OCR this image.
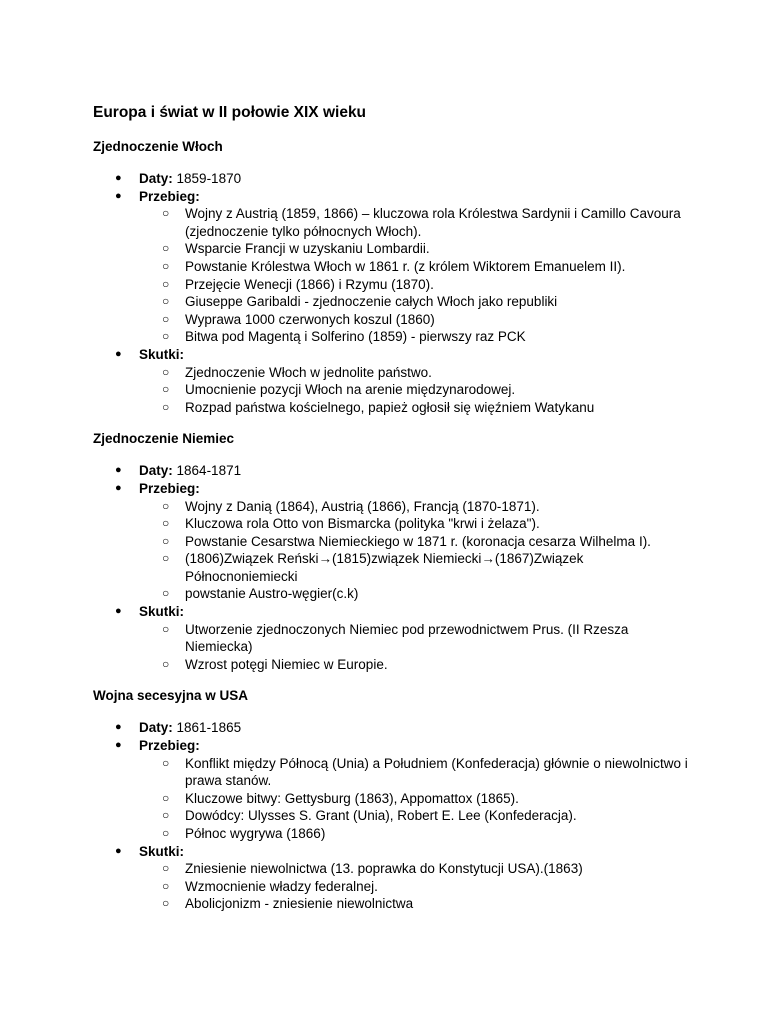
Europa i świat w II połowie XIX wieku
Zjednoczenie Włoch
● Daty: 1859-1870
● Przebieg:
○ Wojny z Austrią (1859, 1866) – kluczowa rola Królestwa Sardynii i Camillo Cavoura (zjednoczenie tylko północnych Włoch).
○ Wsparcie Francji w uzyskaniu Lombardii.
○ Powstanie Królestwa Włoch w 1861 r. (z królem Wiktorem Emanuelem II).
○ Przejęcie Wenecji (1866) i Rzymu (1870).
○ Giuseppe Garibaldi - zjednoczenie całych Włoch jako republiki
○ Wyprawa 1000 czerwonych koszul (1860)
○ Bitwa pod Magentą i Solferino (1859) - pierwszy raz PCK
● Skutki:
○ Zjednoczenie Włoch w jednolite państwo.
○ Umocnienie pozycji Włoch na arenie międzynarodowej.
○ Rozpad państwa kościelnego, papież ogłosił się więźniem Watykanu
Zjednoczenie Niemiec
● Daty: 1864-1871
● Przebieg:
○ Wojny z Danią (1864), Austrią (1866), Francją (1870-1871).
○ Kluczowa rola Otto von Bismarcka (polityka "krwi i żelaza").
○ Powstanie Cesarstwa Niemieckiego w 1871 r. (koronacja cesarza Wilhelma I).
○ (1806)Związek Reński→(1815)związek Niemiecki→(1867)Związek Północnoniemiecki
○ powstanie Austro-węgier(c.k)
● Skutki:
○ Utworzenie zjednoczonych Niemiec pod przewodnictwem Prus. (II Rzesza Niemiecka)
○ Wzrost potęgi Niemiec w Europie.
Wojna secesyjna w USA
● Daty: 1861-1865
● Przebieg:
○ Konflikt między Północą (Unia) a Południem (Konfederacja) głównie o niewolnictwo i prawa stanów.
○ Kluczowe bitwy: Gettysburg (1863), Appomattox (1865).
○ Dowódcy: Ulysses S. Grant (Unia), Robert E. Lee (Konfederacja).
○ Północ wygrywa (1866)
● Skutki:
○ Zniesienie niewolnictwa (13. poprawka do Konstytucji USA).(1863)
○ Wzmocnienie władzy federalnej.
○ Abolicjonizm - zniesienie niewolnictwa
